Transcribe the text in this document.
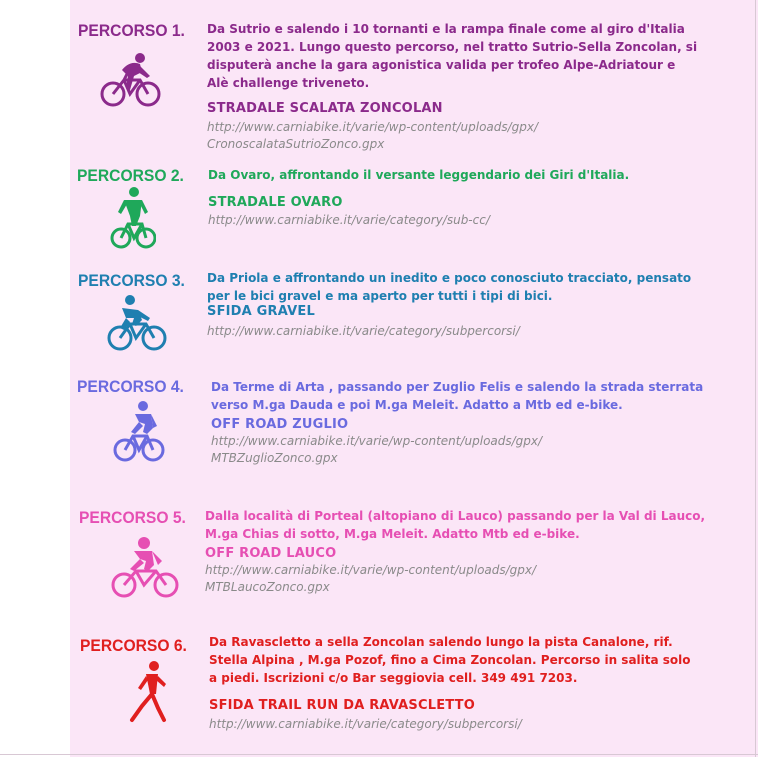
PERCORSO 1. Da Sutrio e salendo i 10 tornanti e la rampa finale come al giro d'Italia
2003 e 2021. Lungo questo percorso, nel tratto Sutrio-Sella Zoncolan, si
disputerà anche la gara agonistica valida per trofeo Alpe-Adriatour e
Alè challenge triveneto.
STRADALE SCALATA ZONCOLAN
http://www.carniabike.it/varie/wp-content/uploads/gpx/
CronoscalataSutrioZonco.gpx
PERCORSO 2. Da Ovaro, affrontando il versante leggendario dei Giri d'Italia.
STRADALE OVARO
http://www.carniabike.it/varie/category/sub-cc/
PERCORSO 3. Da Priola e affrontando un inedito e poco conosciuto tracciato, pensato
per le bici gravel e ma aperto per tutti i tipi di bici.
SFIDA GRAVEL
http://www.carniabike.it/varie/category/subpercorsi/
PERCORSO 4. Da Terme di Arta , passando per Zuglio Felis e salendo la strada sterrata
verso M.ga Dauda e poi M.ga Meleit. Adatto a Mtb ed e-bike.
OFF ROAD ZUGLIO
http://www.carniabike.it/varie/wp-content/uploads/gpx/
MTBZuglioZonco.gpx
PERCORSO 5. Dalla località di Porteal (altopiano di Lauco) passando per la Val di Lauco,
M.ga Chias di sotto, M.ga Meleit. Adatto Mtb ed e-bike.
OFF ROAD LAUCO
http://www.carniabike.it/varie/wp-content/uploads/gpx/
MTBLaucoZonco.gpx
PERCORSO 6. Da Ravascletto a sella Zoncolan salendo lungo la pista Canalone, rif.
Stella Alpina , M.ga Pozof, fino a Cima Zoncolan. Percorso in salita solo
a piedi. Iscrizioni c/o Bar seggiovia cell. 349 491 7203.
SFIDA TRAIL RUN DA RAVASCLETTO
http://www.carniabike.it/varie/category/subpercorsi/
